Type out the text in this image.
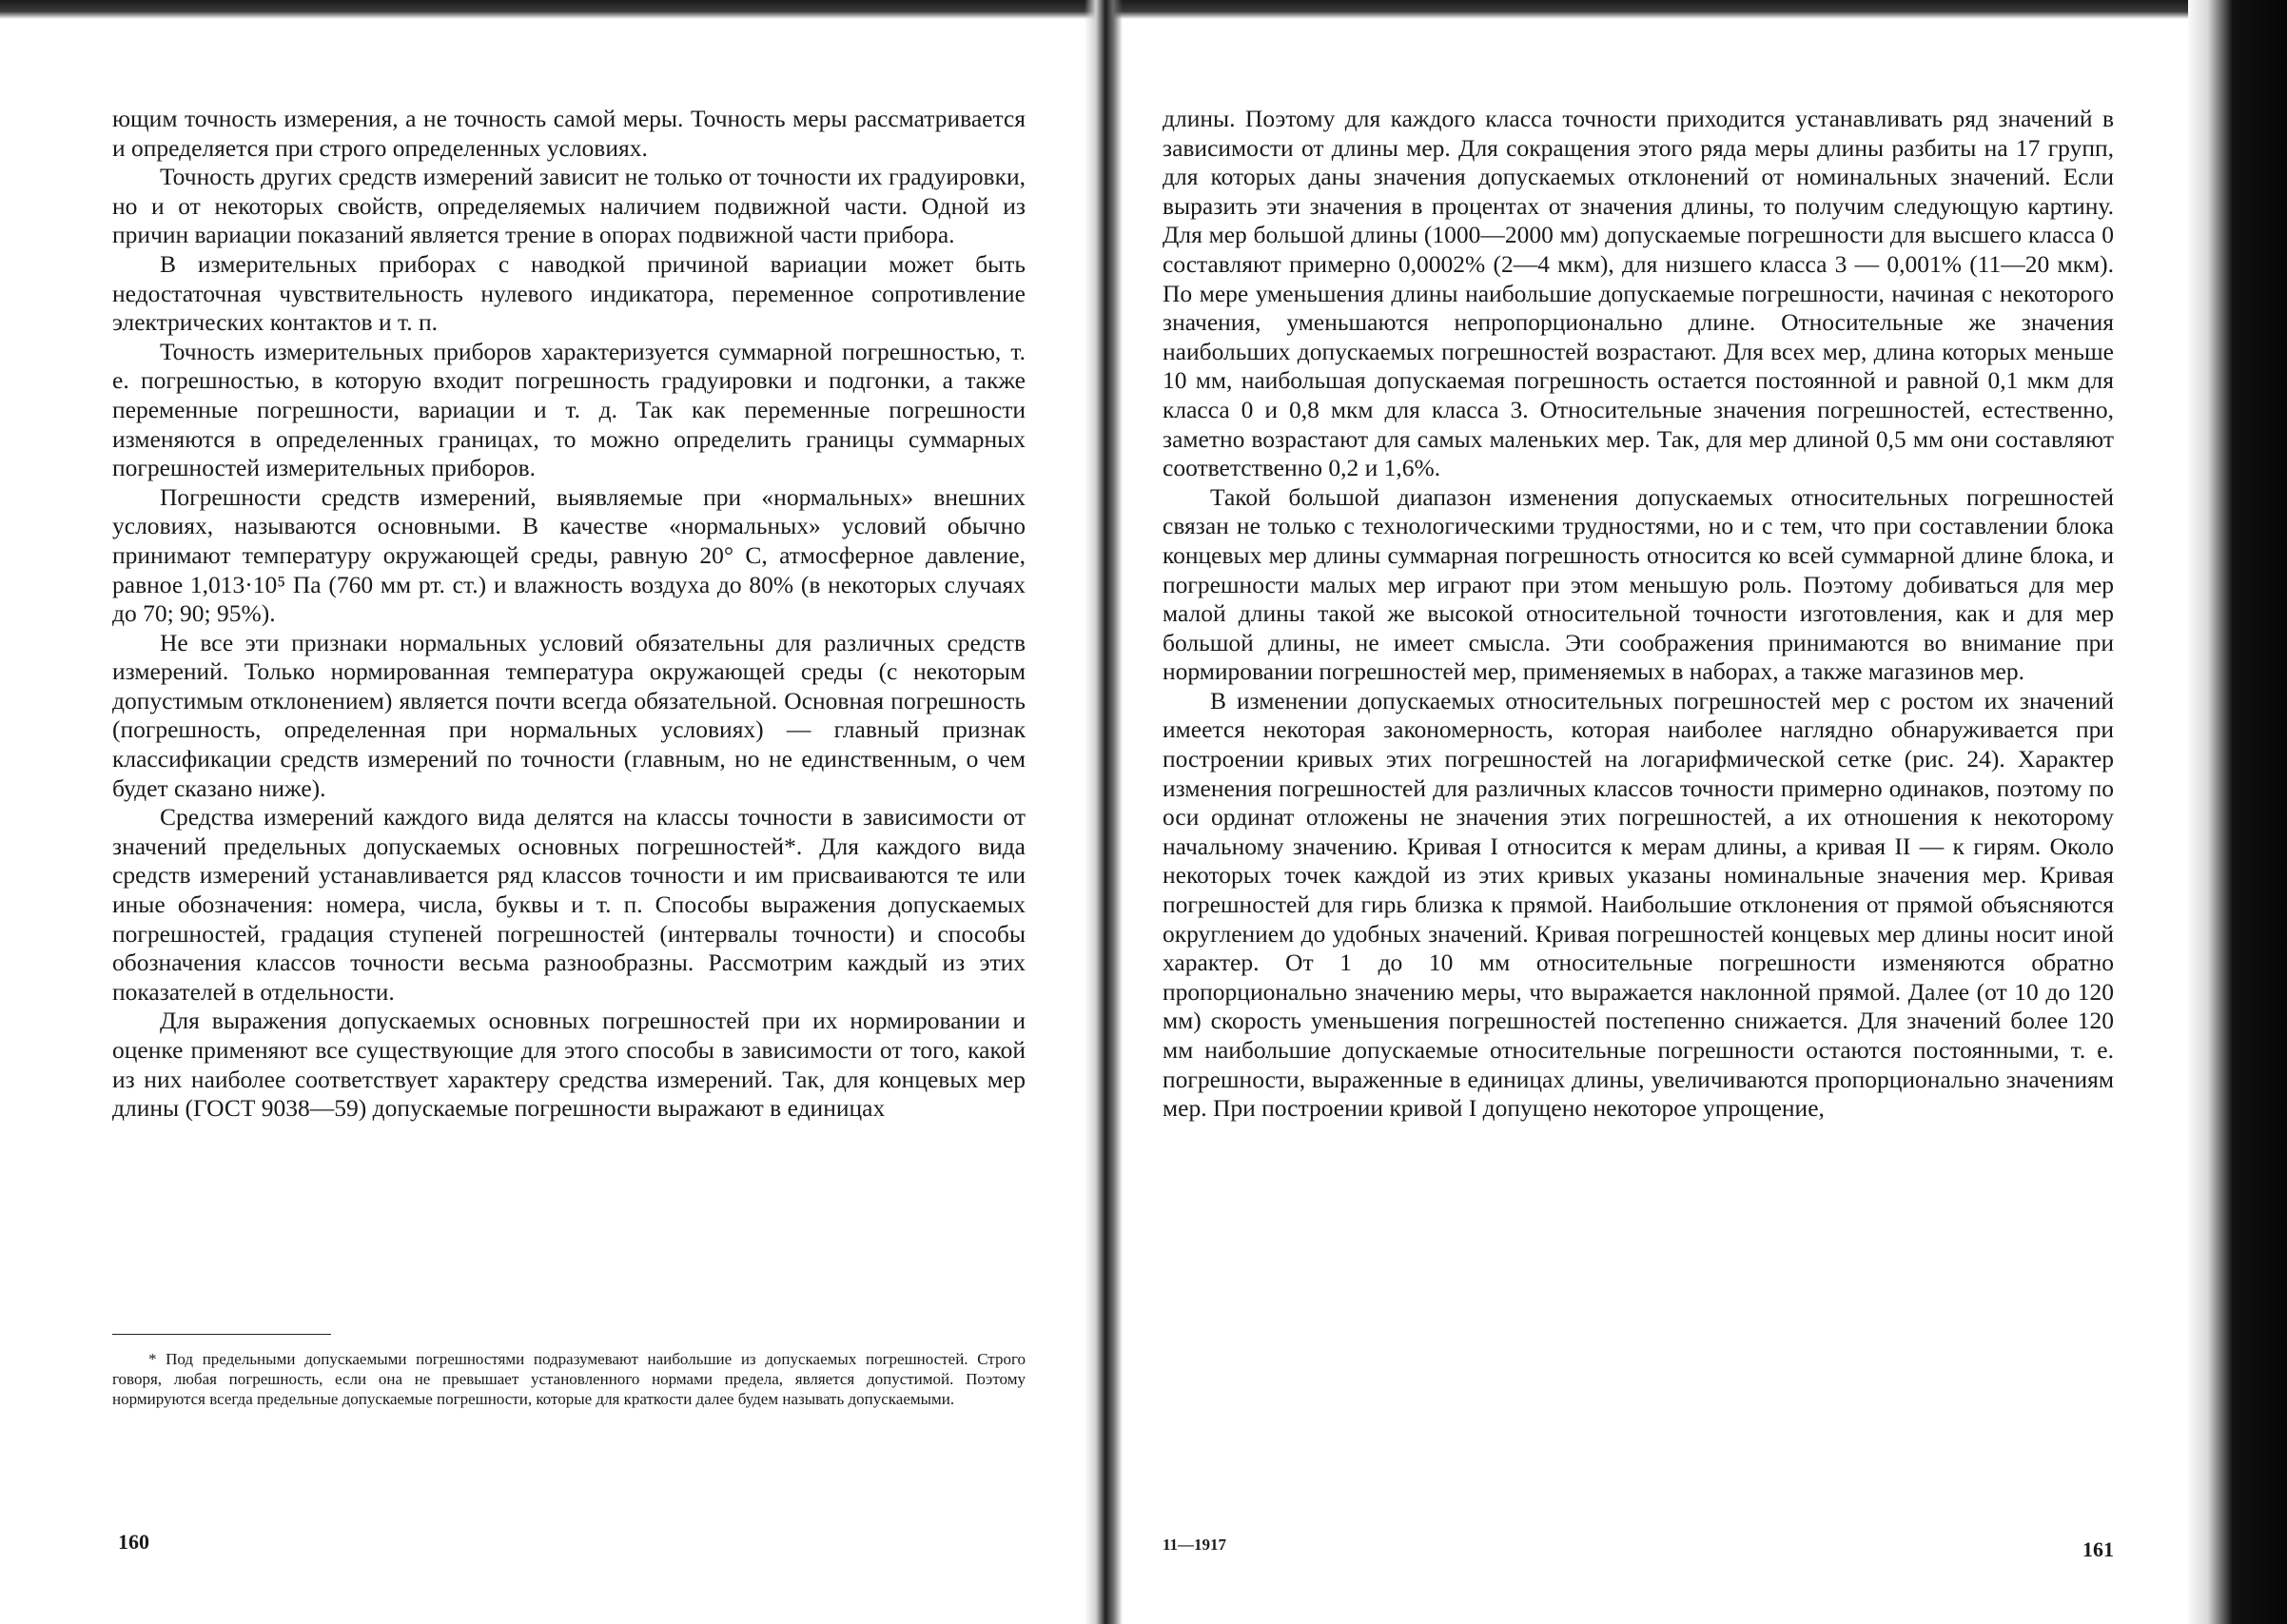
ющим точность измерения, а не точность самой меры. Точность меры рассматривается и определяется при строго определенных условиях.

Точность других средств измерений зависит не только от точности их градуировки, но и от некоторых свойств, определяемых наличием подвижной части. Одной из причин вариации показаний является трение в опорах подвижной части прибора.

В измерительных приборах с наводкой причиной вариации может быть недостаточная чувствительность нулевого индикатора, переменное сопротивление электрических контактов и т. п.

Точность измерительных приборов характеризуется суммарной погрешностью, т. е. погрешностью, в которую входит погрешность градуировки и подгонки, а также переменные погрешности, вариации и т. д. Так как переменные погрешности изменяются в определенных границах, то можно определить границы суммарных погрешностей измерительных приборов.

Погрешности средств измерений, выявляемые при «нормальных» внешних условиях, называются основными. В качестве «нормальных» условий обычно принимают температуру окружающей среды, равную 20° С, атмосферное давление, равное 1,013·10⁵ Па (760 мм рт. ст.) и влажность воздуха до 80% (в некоторых случаях до 70; 90; 95%).

Не все эти признаки нормальных условий обязательны для различных средств измерений. Только нормированная температура окружающей среды (с некоторым допустимым отклонением) является почти всегда обязательной. Основная погрешность (погрешность, определенная при нормальных условиях) — главный признак классификации средств измерений по точности (главным, но не единственным, о чем будет сказано ниже).

Средства измерений каждого вида делятся на классы точности в зависимости от значений предельных допускаемых основных погрешностей*. Для каждого вида средств измерений устанавливается ряд классов точности и им присваиваются те или иные обозначения: номера, числа, буквы и т. п. Способы выражения допускаемых погрешностей, градация ступеней погрешностей (интервалы точности) и способы обозначения классов точности весьма разнообразны. Рассмотрим каждый из этих показателей в отдельности.

Для выражения допускаемых основных погрешностей при их нормировании и оценке применяют все существующие для этого способы в зависимости от того, какой из них наиболее соответствует характеру средства измерений. Так, для концевых мер длины (ГОСТ 9038—59) допускаемые погрешности выражают в единицах

* Под предельными допускаемыми погрешностями подразумевают наибольшие из допускаемых погрешностей. Строго говоря, любая погрешность, если она не превышает установленного нормами предела, является допустимой. Поэтому нормируются всегда предельные допускаемые погрешности, которые для краткости далее будем называть допускаемыми.

160

длины. Поэтому для каждого класса точности приходится устанавливать ряд значений в зависимости от длины мер. Для сокращения этого ряда меры длины разбиты на 17 групп, для которых даны значения допускаемых отклонений от номинальных значений. Если выразить эти значения в процентах от значения длины, то получим следующую картину. Для мер большой длины (1000—2000 мм) допускаемые погрешности для высшего класса 0 составляют примерно 0,0002% (2—4 мкм), для низшего класса 3 — 0,001% (11—20 мкм). По мере уменьшения длины наибольшие допускаемые погрешности, начиная с некоторого значения, уменьшаются непропорционально длине. Относительные же значения наибольших допускаемых погрешностей возрастают. Для всех мер, длина которых меньше 10 мм, наибольшая допускаемая погрешность остается постоянной и равной 0,1 мкм для класса 0 и 0,8 мкм для класса 3. Относительные значения погрешностей, естественно, заметно возрастают для самых маленьких мер. Так, для мер длиной 0,5 мм они составляют соответственно 0,2 и 1,6%.

Такой большой диапазон изменения допускаемых относительных погрешностей связан не только с технологическими трудностями, но и с тем, что при составлении блока концевых мер длины суммарная погрешность относится ко всей суммарной длине блока, и погрешности малых мер играют при этом меньшую роль. Поэтому добиваться для мер малой длины такой же высокой относительной точности изготовления, как и для мер большой длины, не имеет смысла. Эти соображения принимаются во внимание при нормировании погрешностей мер, применяемых в наборах, а также магазинов мер.

В изменении допускаемых относительных погрешностей мер с ростом их значений имеется некоторая закономерность, которая наиболее наглядно обнаруживается при построении кривых этих погрешностей на логарифмической сетке (рис. 24). Характер изменения погрешностей для различных классов точности примерно одинаков, поэтому по оси ординат отложены не значения этих погрешностей, а их отношения к некоторому начальному значению. Кривая I относится к мерам длины, а кривая II — к гирям. Около некоторых точек каждой из этих кривых указаны номинальные значения мер. Кривая погрешностей для гирь близка к прямой. Наибольшие отклонения от прямой объясняются округлением до удобных значений. Кривая погрешностей концевых мер длины носит иной характер. От 1 до 10 мм относительные погрешности изменяются обратно пропорционально значению меры, что выражается наклонной прямой. Далее (от 10 до 120 мм) скорость уменьшения погрешностей постепенно снижается. Для значений более 120 мм наибольшие допускаемые относительные погрешности остаются постоянными, т. е. погрешности, выраженные в единицах длины, увеличиваются пропорционально значениям мер. При построении кривой I допущено некоторое упрощение,

11—1917	161
